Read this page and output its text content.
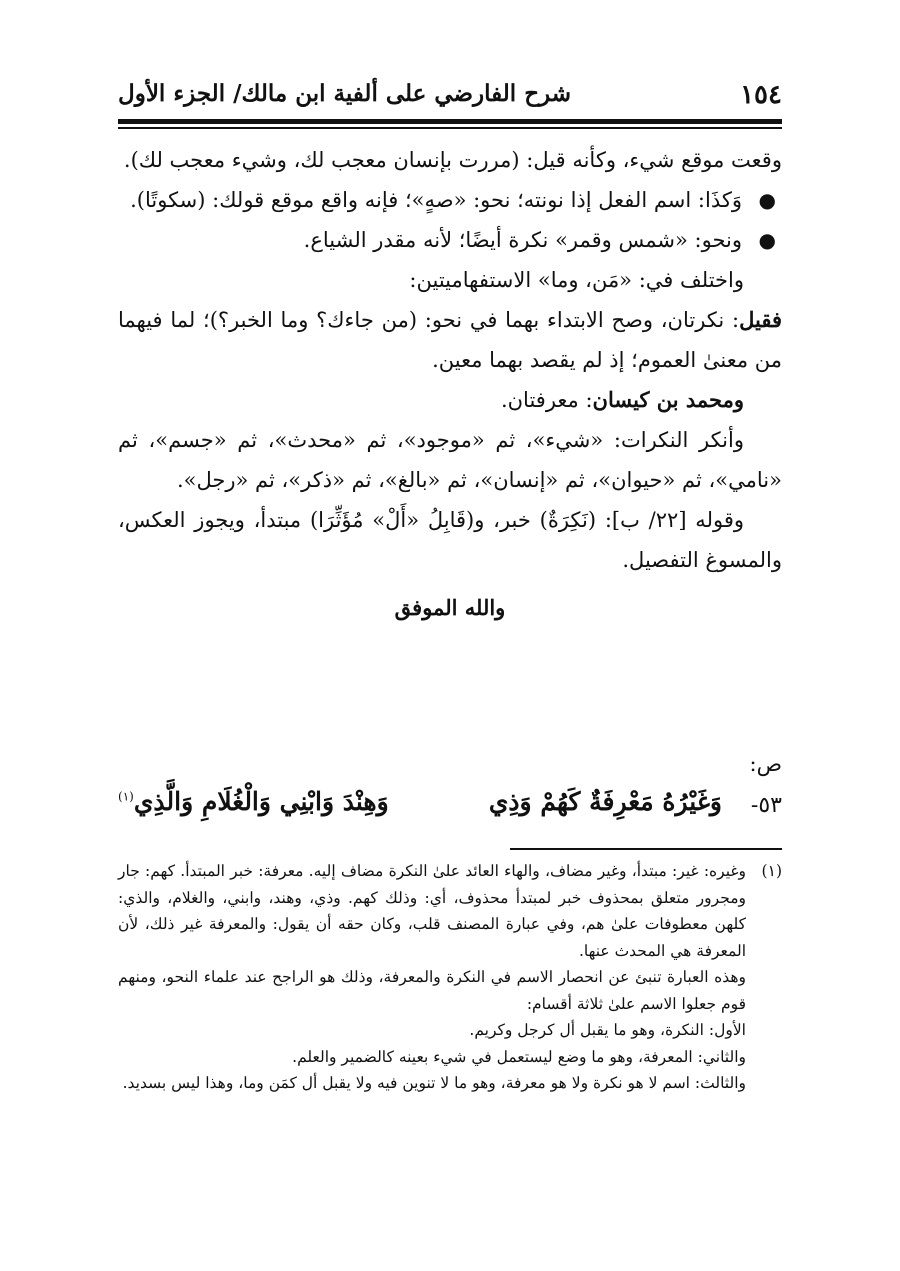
١٥٤
شرح الفارضي على ألفية ابن مالك/ الجزء الأول

وقعت موقع شيء، وكأنه قيل: (مررت بإنسان معجب لك، وشيء معجب لك).

●
وَكذَا: اسم الفعل إذا نونته؛ نحو: «صهٍ»؛ فإنه واقع موقع قولك: (سكوتًا).

●
ونحو: «شمس وقمر» نكرة أيضًا؛ لأنه مقدر الشياع.

واختلف في: «مَن، وما» الاستفهاميتين:

فقيل: نكرتان، وصح الابتداء بهما في نحو: (من جاءك؟ وما الخبر؟)؛ لما فيهما من معنىٰ العموم؛ إذ لم يقصد بهما معين.

ومحمد بن كيسان: معرفتان.

وأنكر النكرات: «شيء»، ثم «موجود»، ثم «محدث»، ثم «جسم»، ثم «نامي»، ثم «حيوان»، ثم «إنسان»، ثم «بالغ»، ثم «ذكر»، ثم «رجل».

وقوله [٢٢/ ب]: (نَكِرَةٌ) خبر، و(قَابِلُ «أَلْ» مُؤَثِّرَا) مبتدأ، ويجوز العكس، والمسوغ التفصيل.

والله الموفق

ص:
٥٣-
وَغَيْرُهُ مَعْرِفَةٌ كَهُمْ وَذِي
وَهِنْدَ وَابْنِي وَالْغُلَامِ وَالَّذِي$^{(١)}$

(١)
وغيره: غير: مبتدأ، وغير مضاف، والهاء العائد علىٰ النكرة مضاف إليه. معرفة: خبر المبتدأ. كهم: جار ومجرور متعلق بمحذوف خبر لمبتدأ محذوف، أي: وذلك كهم. وذي، وهند، وابني، والغلام، والذي: كلهن معطوفات علىٰ هم، وفي عبارة المصنف قلب، وكان حقه أن يقول: والمعرفة غير ذلك، لأن المعرفة هي المحدث عنها.

وهذه العبارة تنبئ عن انحصار الاسم في النكرة والمعرفة، وذلك هو الراجح عند علماء النحو، ومنهم قوم جعلوا الاسم علىٰ ثلاثة أقسام:

الأول: النكرة، وهو ما يقبل أل كرجل وكريم.

والثاني: المعرفة، وهو ما وضع ليستعمل في شيء بعينه كالضمير والعلم.

والثالث: اسم لا هو نكرة ولا هو معرفة، وهو ما لا تنوين فيه ولا يقبل أل كمَن وما، وهذا ليس بسديد.
